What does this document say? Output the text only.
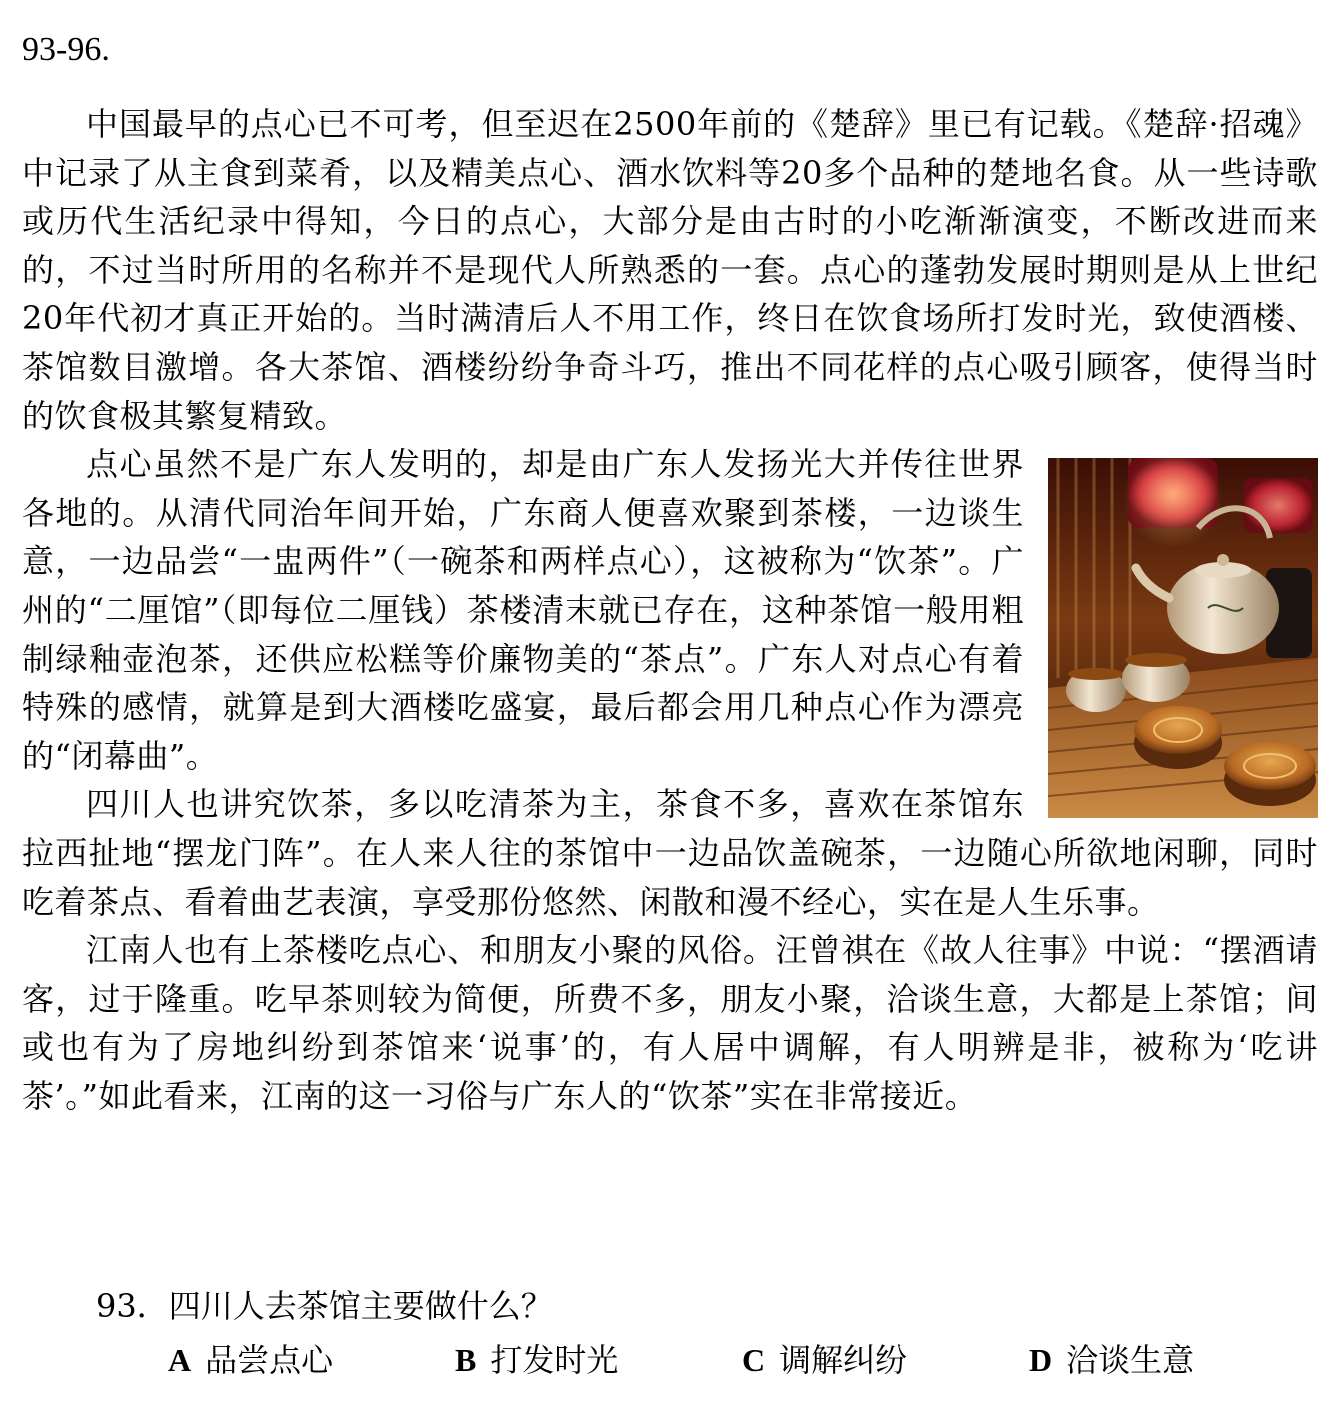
93-96.

中国最早的点心已不可考，但至迟在2500年前的《楚辞》里已有记载。《楚辞·招魂》中记录了从主食到菜肴，以及精美点心、酒水饮料等20多个品种的楚地名食。从一些诗歌或历代生活纪录中得知，今日的点心，大部分是由古时的小吃渐渐演变，不断改进而来的，不过当时所用的名称并不是现代人所熟悉的一套。点心的蓬勃发展时期则是从上世纪20年代初才真正开始的。当时满清后人不用工作，终日在饮食场所打发时光，致使酒楼、茶馆数目激增。各大茶馆、酒楼纷纷争奇斗巧，推出不同花样的点心吸引顾客，使得当时的饮食极其繁复精致。

点心虽然不是广东人发明的，却是由广东人发扬光大并传往世界各地的。从清代同治年间开始，广东商人便喜欢聚到茶楼，一边谈生意，一边品尝“一盅两件”（一碗茶和两样点心），这被称为“饮茶”。广州的“二厘馆”（即每位二厘钱）茶楼清末就已存在，这种茶馆一般用粗制绿釉壶泡茶，还供应松糕等价廉物美的“茶点”。广东人对点心有着特殊的感情，就算是到大酒楼吃盛宴，最后都会用几种点心作为漂亮的“闭幕曲”。

四川人也讲究饮茶，多以吃清茶为主，茶食不多，喜欢在茶馆东拉西扯地“摆龙门阵”。在人来人往的茶馆中一边品饮盖碗茶，一边随心所欲地闲聊，同时吃着茶点、看着曲艺表演，享受那份悠然、闲散和漫不经心，实在是人生乐事。

江南人也有上茶楼吃点心、和朋友小聚的风俗。汪曾祺在《故人往事》中说：“摆酒请客，过于隆重。吃早茶则较为简便，所费不多，朋友小聚，洽谈生意，大都是上茶馆；间或也有为了房地纠纷到茶馆来‘说事’的，有人居中调解，有人明辨是非，被称为‘吃讲茶’。”如此看来，江南的这一习俗与广东人的“饮茶”实在非常接近。

93．四川人去茶馆主要做什么？

A 品尝点心	B 打发时光	C 调解纠纷	D 洽谈生意
